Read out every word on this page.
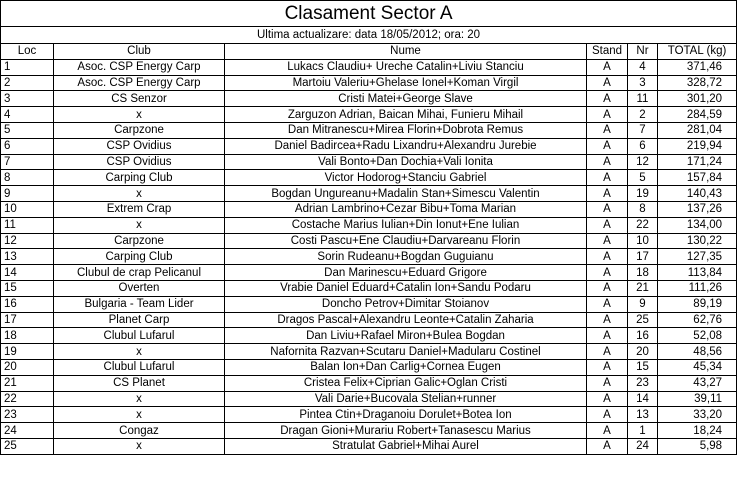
Clasament Sector A					
Ultima actualizare: data 18/05/2012; ora: 20					
Loc	Club	Nume	Stand	Nr	TOTAL (kg)
1	Asoc. CSP Energy Carp	Lukacs Claudiu+ Ureche Catalin+Liviu Stanciu	A	4	371,46
2	Asoc. CSP Energy Carp	Martoiu Valeriu+Ghelase Ionel+Koman Virgil	A	3	328,72
3	CS Senzor	Cristi Matei+George Slave	A	11	301,20
4	x	Zarguzon Adrian, Baican Mihai, Funieru Mihail	A	2	284,59
5	Carpzone	Dan Mitranescu+Mirea Florin+Dobrota Remus	A	7	281,04
6	CSP Ovidius	Daniel Badircea+Radu Lixandru+Alexandru Jurebie	A	6	219,94
7	CSP Ovidius	Vali Bonto+Dan Dochia+Vali Ionita	A	12	171,24
8	Carping Club	Victor Hodorog+Stanciu Gabriel	A	5	157,84
9	x	Bogdan Ungureanu+Madalin Stan+Simescu Valentin	A	19	140,43
10	Extrem Crap	Adrian Lambrino+Cezar Bibu+Toma Marian	A	8	137,26
11	x	Costache Marius Iulian+Din Ionut+Ene Iulian	A	22	134,00
12	Carpzone	Costi Pascu+Ene Claudiu+Darvareanu Florin	A	10	130,22
13	Carping Club	Sorin Rudeanu+Bogdan Guguianu	A	17	127,35
14	Clubul de crap Pelicanul	Dan Marinescu+Eduard Grigore	A	18	113,84
15	Overten	Vrabie Daniel Eduard+Catalin Ion+Sandu Podaru	A	21	111,26
16	Bulgaria - Team Lider	Doncho Petrov+Dimitar Stoianov	A	9	89,19
17	Planet Carp	Dragos Pascal+Alexandru Leonte+Catalin Zaharia	A	25	62,76
18	Clubul Lufarul	Dan Liviu+Rafael Miron+Bulea Bogdan	A	16	52,08
19	x	Nafornita Razvan+Scutaru Daniel+Madularu Costinel	A	20	48,56
20	Clubul Lufarul	Balan Ion+Dan Carlig+Cornea Eugen	A	15	45,34
21	CS Planet	Cristea Felix+Ciprian Galic+Oglan Cristi	A	23	43,27
22	x	Vali Darie+Bucovala Stelian+runner	A	14	39,11
23	x	Pintea Ctin+Draganoiu Dorulet+Botea Ion	A	13	33,20
24	Congaz	Dragan Gioni+Murariu Robert+Tanasescu Marius	A	1	18,24
25	x	Stratulat Gabriel+Mihai Aurel	A	24	5,98
